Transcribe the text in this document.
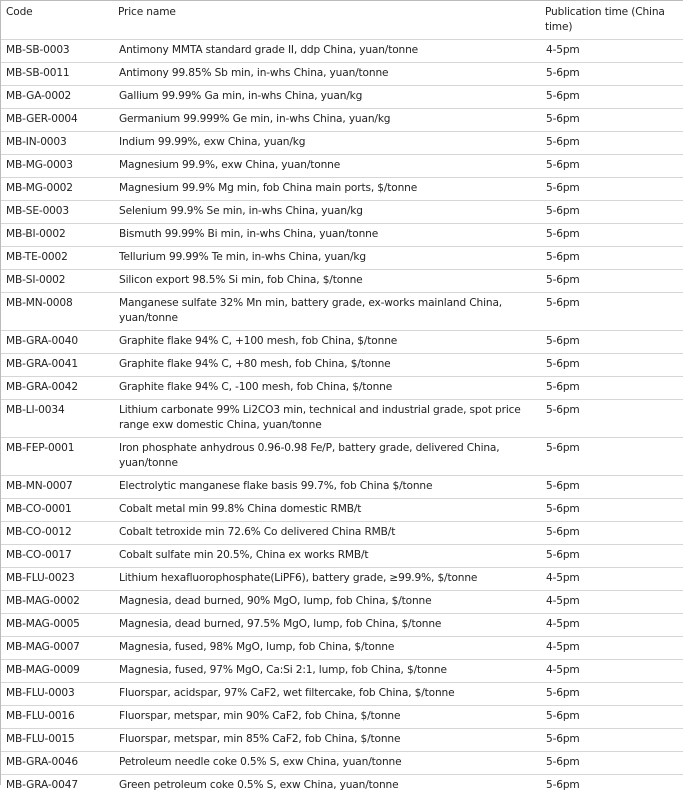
Code	Price name	Publication time (China time)
MB-SB-0003	Antimony MMTA standard grade II, ddp China, yuan/tonne	4-5pm
MB-SB-0011	Antimony 99.85% Sb min, in-whs China, yuan/tonne	5-6pm
MB-GA-0002	Gallium 99.99% Ga min, in-whs China, yuan/kg	5-6pm
MB-GER-0004	Germanium 99.999% Ge min, in-whs China, yuan/kg	5-6pm
MB-IN-0003	Indium 99.99%, exw China, yuan/kg	5-6pm
MB-MG-0003	Magnesium 99.9%, exw China, yuan/tonne	5-6pm
MB-MG-0002	Magnesium 99.9% Mg min, fob China main ports, $/tonne	5-6pm
MB-SE-0003	Selenium 99.9% Se min, in-whs China, yuan/kg	5-6pm
MB-BI-0002	Bismuth 99.99% Bi min, in-whs China, yuan/tonne	5-6pm
MB-TE-0002	Tellurium 99.99% Te min, in-whs China, yuan/kg	5-6pm
MB-SI-0002	Silicon export 98.5% Si min, fob China, $/tonne	5-6pm
MB-MN-0008	Manganese sulfate 32% Mn min, battery grade, ex-works mainland China, yuan/tonne	5-6pm
MB-GRA-0040	Graphite flake 94% C, +100 mesh, fob China, $/tonne	5-6pm
MB-GRA-0041	Graphite flake 94% C, +80 mesh, fob China, $/tonne	5-6pm
MB-GRA-0042	Graphite flake 94% C, -100 mesh, fob China, $/tonne	5-6pm
MB-LI-0034	Lithium carbonate 99% Li2CO3 min, technical and industrial grade, spot price range exw domestic China, yuan/tonne	5-6pm
MB-FEP-0001	Iron phosphate anhydrous 0.96-0.98 Fe/P, battery grade, delivered China, yuan/tonne	5-6pm
MB-MN-0007	Electrolytic manganese flake basis 99.7%, fob China $/tonne	5-6pm
MB-CO-0001	Cobalt metal min 99.8% China domestic RMB/t	5-6pm
MB-CO-0012	Cobalt tetroxide min 72.6% Co delivered China RMB/t	5-6pm
MB-CO-0017	Cobalt sulfate min 20.5%, China ex works RMB/t	5-6pm
MB-FLU-0023	Lithium hexafluorophosphate(LiPF6), battery grade, ≥99.9%, $/tonne	4-5pm
MB-MAG-0002	Magnesia, dead burned, 90% MgO, lump, fob China, $/tonne	4-5pm
MB-MAG-0005	Magnesia, dead burned, 97.5% MgO, lump, fob China, $/tonne	4-5pm
MB-MAG-0007	Magnesia, fused, 98% MgO, lump, fob China, $/tonne	4-5pm
MB-MAG-0009	Magnesia, fused, 97% MgO, Ca:Si 2:1, lump, fob China, $/tonne	4-5pm
MB-FLU-0003	Fluorspar, acidspar, 97% CaF2, wet filtercake, fob China, $/tonne	5-6pm
MB-FLU-0016	Fluorspar, metspar, min 90% CaF2, fob China, $/tonne	5-6pm
MB-FLU-0015	Fluorspar, metspar, min 85% CaF2, fob China, $/tonne	5-6pm
MB-GRA-0046	Petroleum needle coke 0.5% S, exw China, yuan/tonne	5-6pm
MB-GRA-0047	Green petroleum coke 0.5% S, exw China, yuan/tonne	5-6pm
